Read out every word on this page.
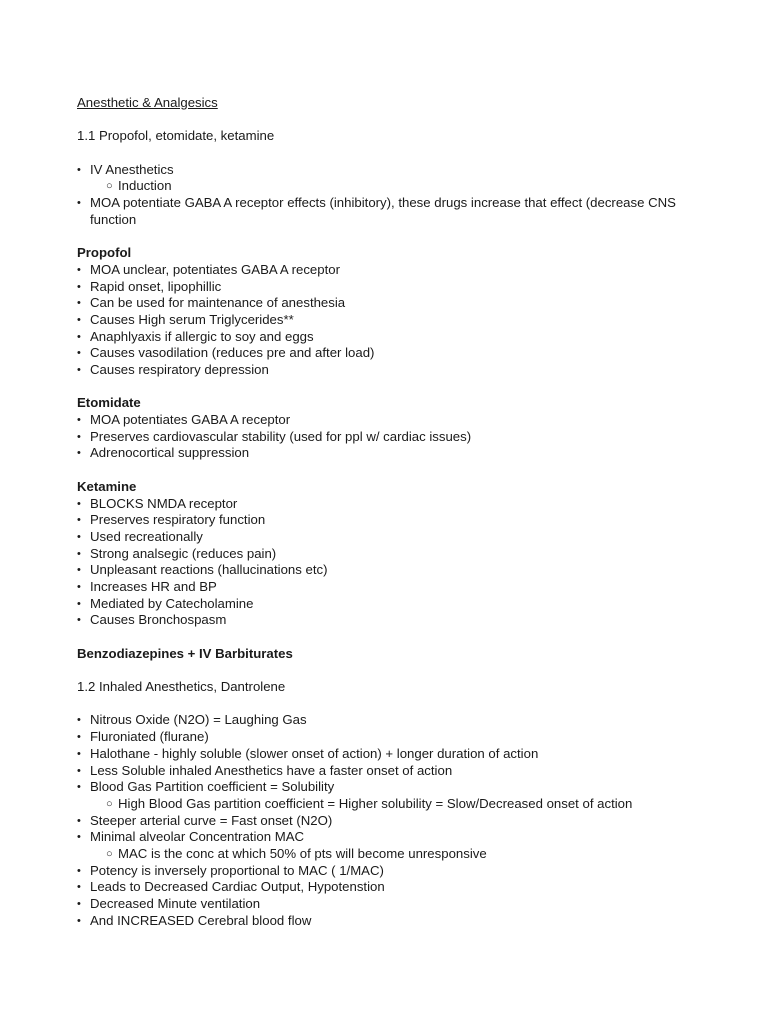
Anesthetic & Analgesics
1.1 Propofol, etomidate, ketamine
• IV Anesthetics
○ Induction
• MOA potentiate GABA A receptor effects (inhibitory), these drugs increase that effect (decrease CNS function
Propofol
• MOA unclear, potentiates GABA A receptor
• Rapid onset, lipophillic
• Can be used for maintenance of anesthesia
• Causes High serum Triglycerides**
• Anaphlyaxis if allergic to soy and eggs
• Causes vasodilation (reduces pre and after load)
• Causes respiratory depression
Etomidate
• MOA potentiates GABA A receptor
• Preserves cardiovascular stability (used for ppl w/ cardiac issues)
• Adrenocortical suppression
Ketamine
• BLOCKS NMDA receptor
• Preserves respiratory function
• Used recreationally
• Strong analsegic (reduces pain)
• Unpleasant reactions (hallucinations etc)
• Increases HR and BP
• Mediated by Catecholamine
• Causes Bronchospasm
Benzodiazepines + IV Barbiturates
1.2 Inhaled Anesthetics, Dantrolene
• Nitrous Oxide (N2O) = Laughing Gas
• Fluroniated (flurane)
• Halothane - highly soluble (slower onset of action) + longer duration of action
• Less Soluble inhaled Anesthetics have a faster onset of action
• Blood Gas Partition coefficient = Solubility
○ High Blood Gas partition coefficient = Higher solubility = Slow/Decreased onset of action
• Steeper arterial curve = Fast onset (N2O)
• Minimal alveolar Concentration MAC
○ MAC is the conc at which 50% of pts will become unresponsive
• Potency is inversely proportional to MAC ( 1/MAC)
• Leads to Decreased Cardiac Output, Hypotenstion
• Decreased Minute ventilation
• And INCREASED Cerebral blood flow
